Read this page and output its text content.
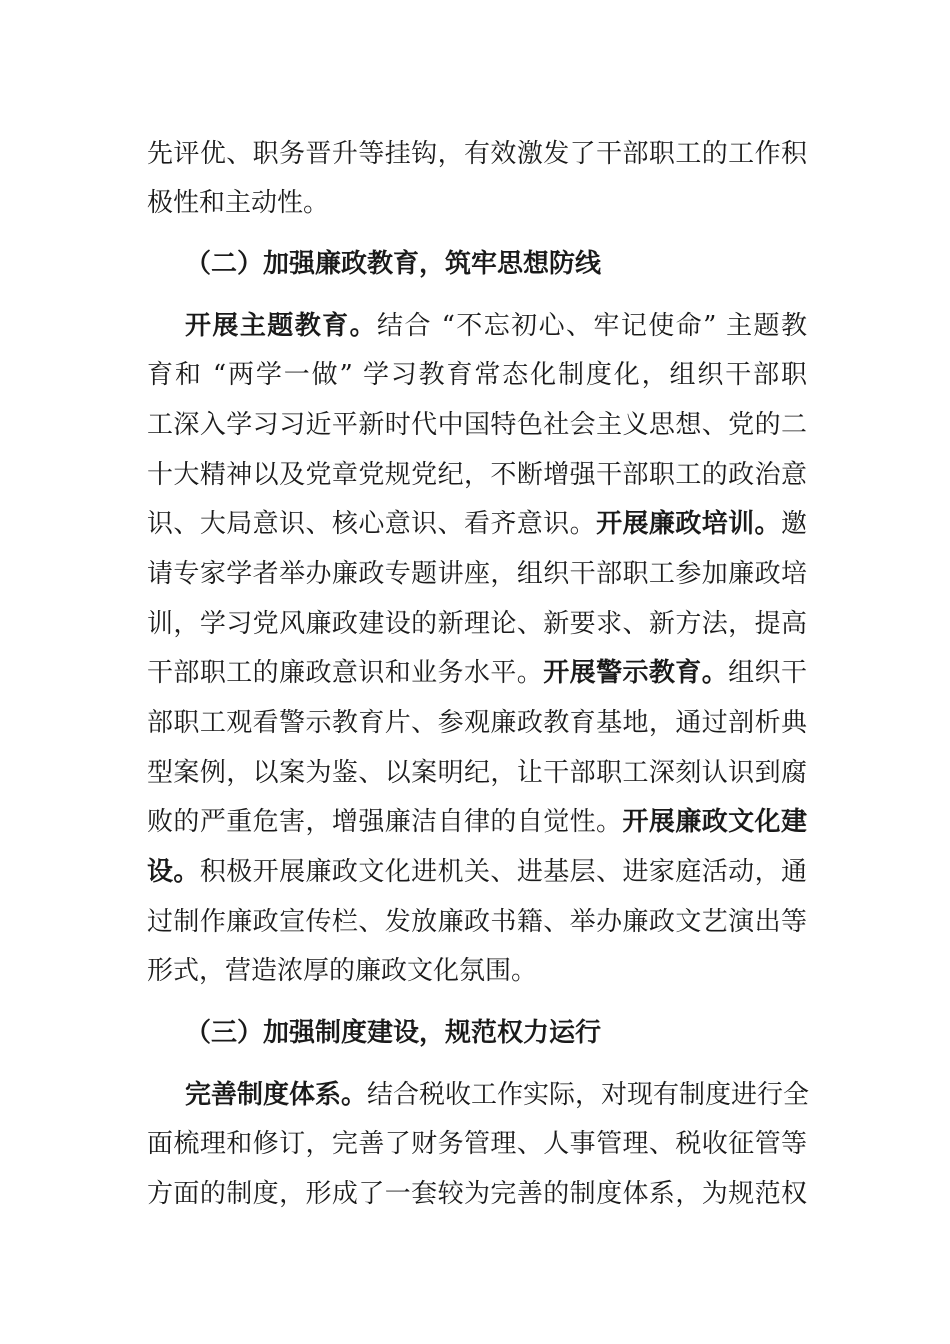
先评优、职务晋升等挂钩，有效激发了干部职工的工作积
极性和主动性。
（二）加强廉政教育，筑牢思想防线
开展主题教育。结合 “不忘初心、牢记使命” 主题教
育和 “两学一做” 学习教育常态化制度化，组织干部职
工深入学习习近平新时代中国特色社会主义思想、党的二
十大精神以及党章党规党纪，不断增强干部职工的政治意
识、大局意识、核心意识、看齐意识。开展廉政培训。邀
请专家学者举办廉政专题讲座，组织干部职工参加廉政培
训，学习党风廉政建设的新理论、新要求、新方法，提高
干部职工的廉政意识和业务水平。开展警示教育。组织干
部职工观看警示教育片、参观廉政教育基地，通过剖析典
型案例，以案为鉴、以案明纪，让干部职工深刻认识到腐
败的严重危害，增强廉洁自律的自觉性。开展廉政文化建
设。积极开展廉政文化进机关、进基层、进家庭活动，通
过制作廉政宣传栏、发放廉政书籍、举办廉政文艺演出等
形式，营造浓厚的廉政文化氛围。
（三）加强制度建设，规范权力运行
完善制度体系。结合税收工作实际，对现有制度进行全
面梳理和修订，完善了财务管理、人事管理、税收征管等
方面的制度，形成了一套较为完善的制度体系，为规范权
